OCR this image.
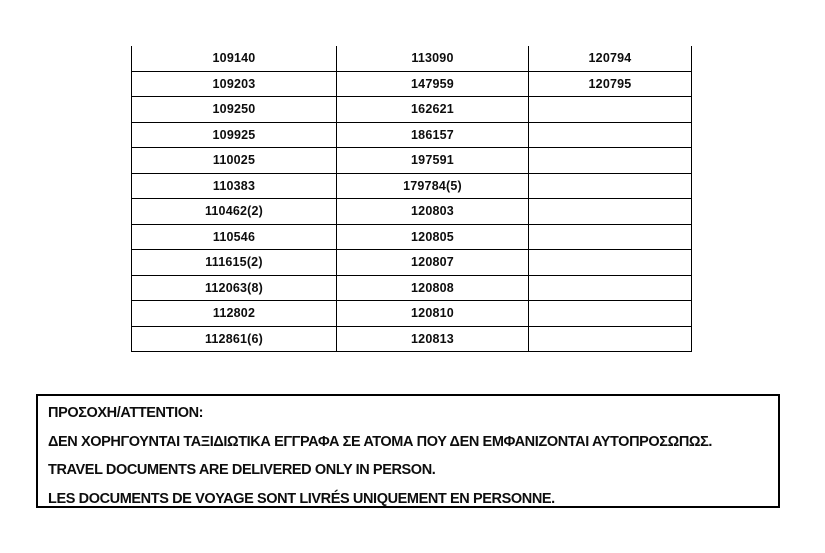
109140	113090	120794
109203	147959	120795
109250	162621
109925	186157
110025	197591
110383	179784(5)
110462(2)	120803
110546	120805
111615(2)	120807
112063(8)	120808
112802	120810
112861(6)	120813

ΠΡΟΣΟΧΗ/ATTENTION:

ΔΕΝ ΧΟΡΗΓΟΥΝΤΑΙ ΤΑΞΙΔΙΩΤΙΚΑ ΕΓΓΡΑΦΑ ΣΕ ΑΤΟΜΑ ΠΟΥ ΔΕΝ ΕΜΦΑΝΙΖΟΝΤΑΙ ΑΥΤΟΠΡΟΣΩΠΩΣ.

TRAVEL DOCUMENTS ARE DELIVERED ONLY IN PERSON.

LES DOCUMENTS DE VOYAGE SONT LIVRÉS UNIQUEMENT EN PERSONNE.
